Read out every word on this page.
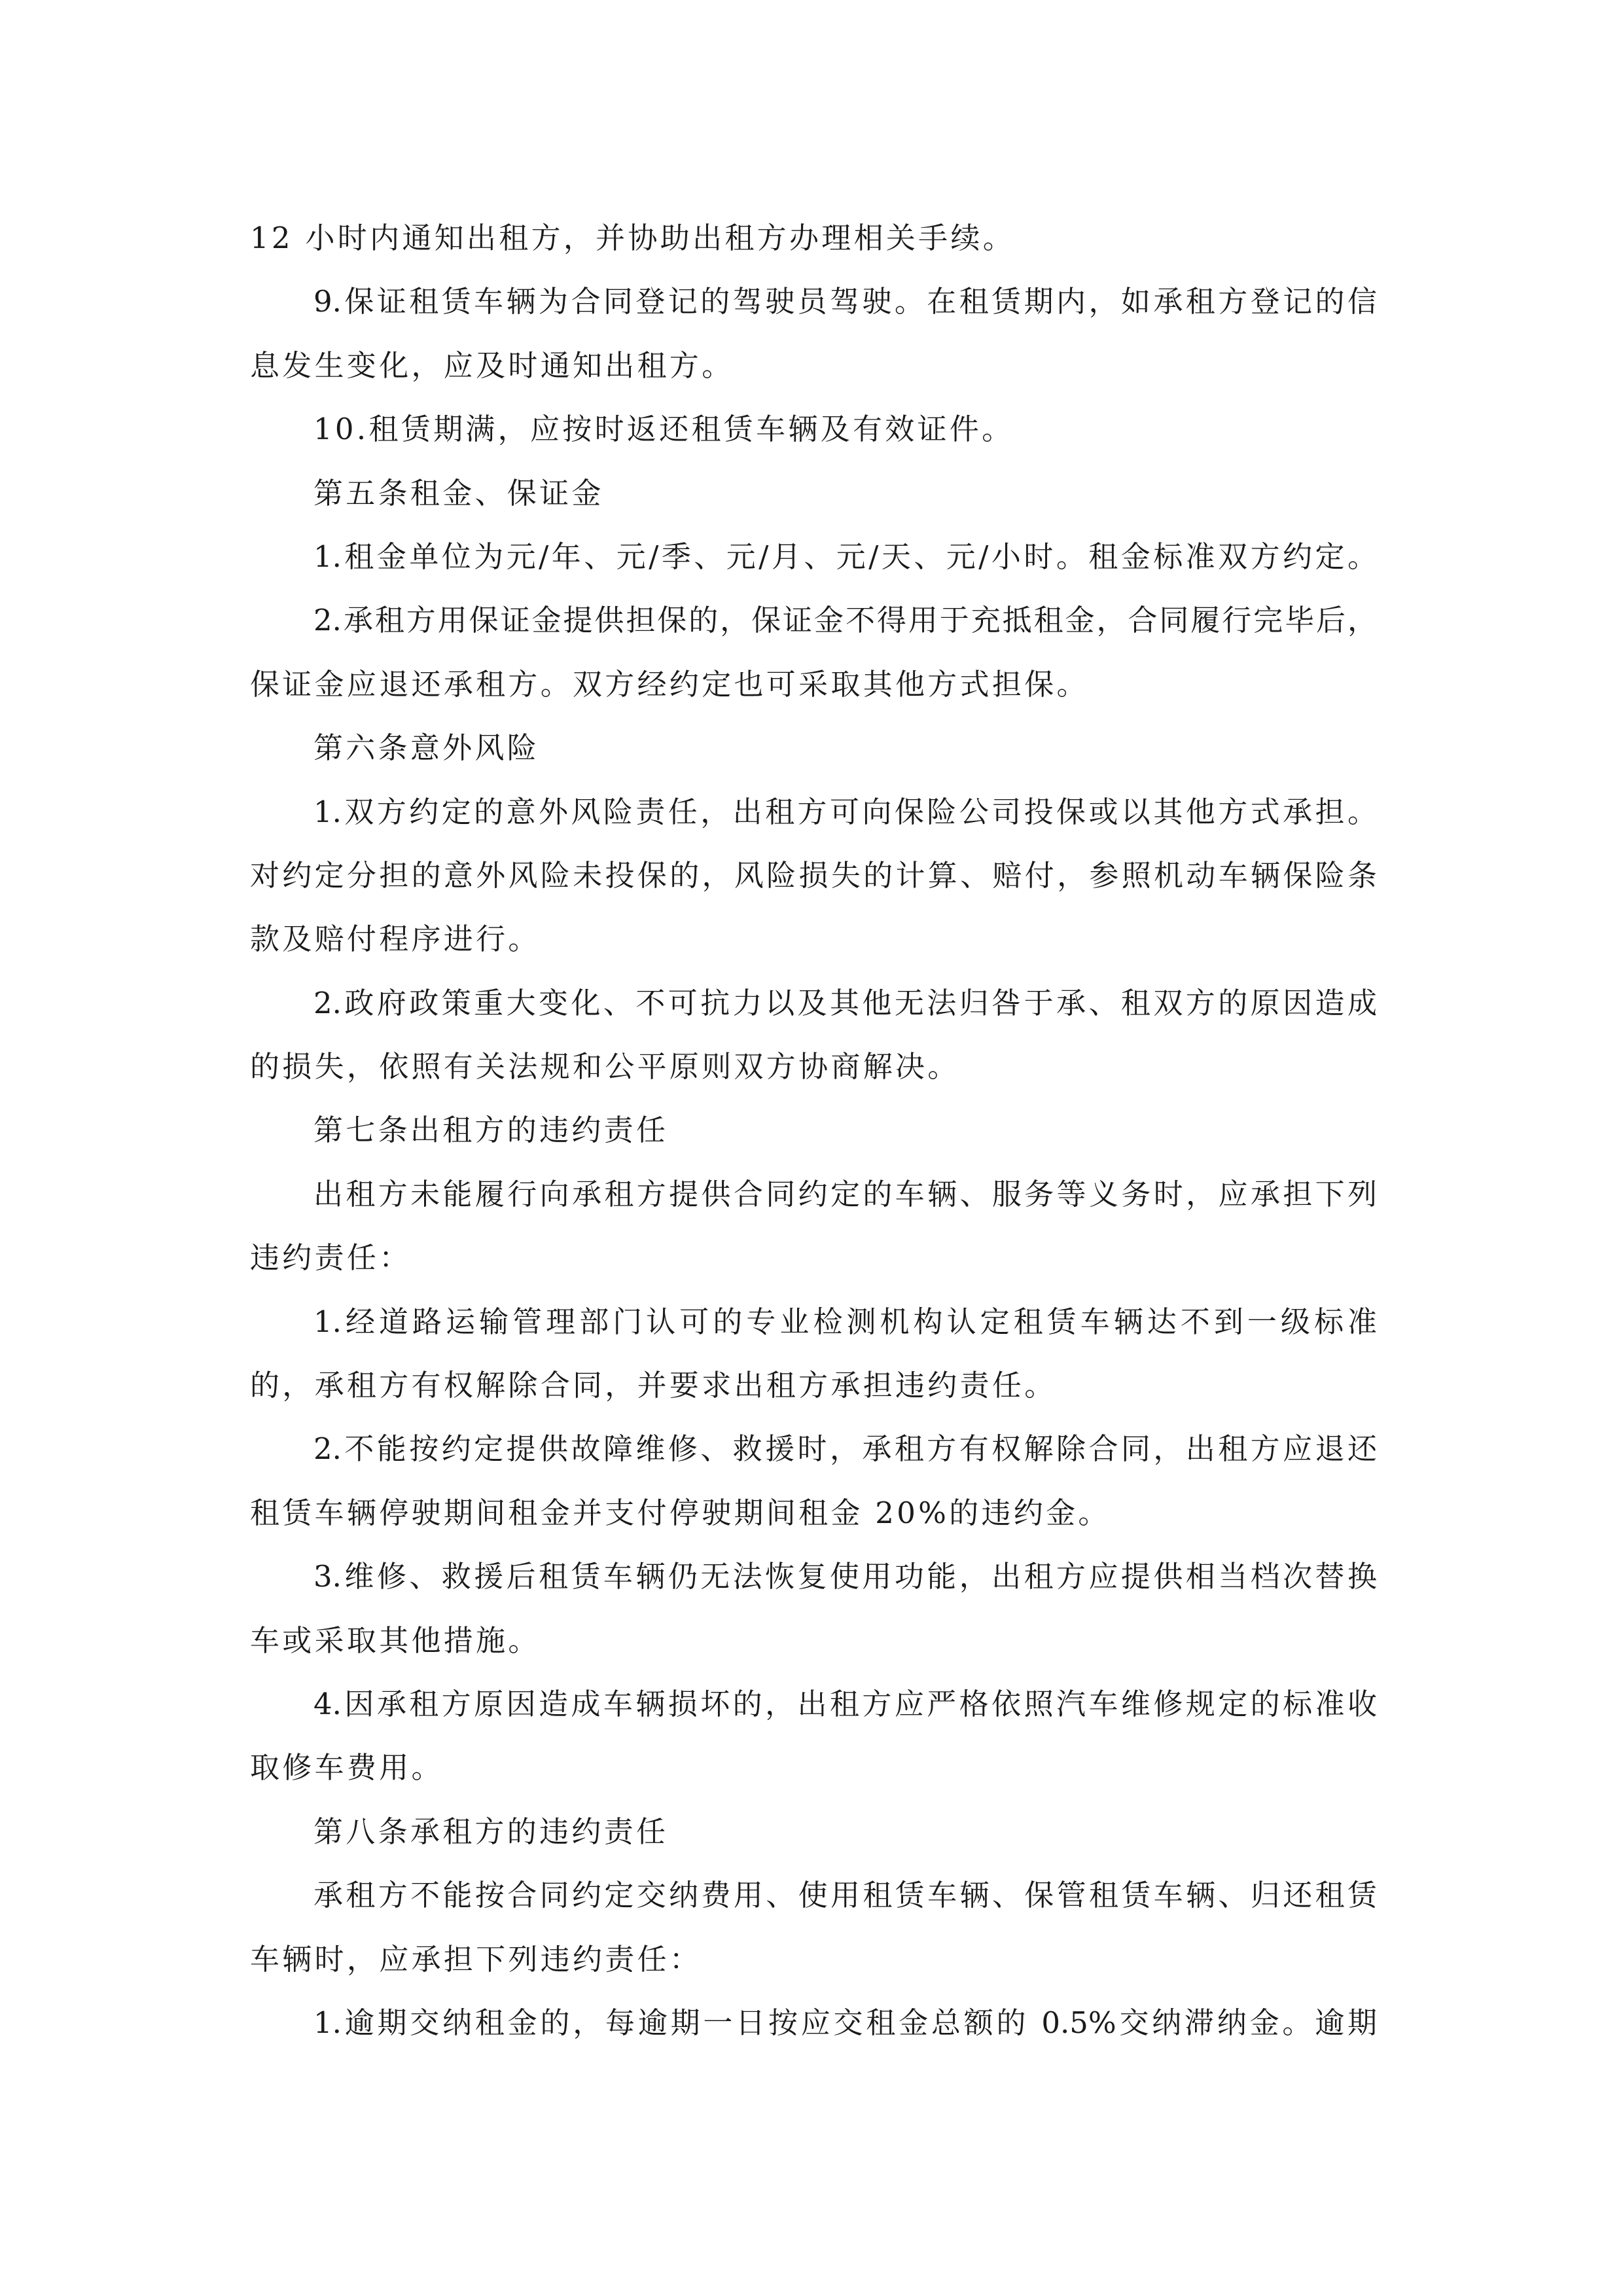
12 小时内通知出租方，并协助出租方办理相关手续。
9.保证租赁车辆为合同登记的驾驶员驾驶。在租赁期内，如承租方登记的信
息发生变化，应及时通知出租方。
10.租赁期满，应按时返还租赁车辆及有效证件。
第五条租金、保证金
1.租金单位为元/年、元/季、元/月、元/天、元/小时。租金标准双方约定。
2.承租方用保证金提供担保的，保证金不得用于充抵租金，合同履行完毕后，
保证金应退还承租方。双方经约定也可采取其他方式担保。
第六条意外风险
1.双方约定的意外风险责任，出租方可向保险公司投保或以其他方式承担。
对约定分担的意外风险未投保的，风险损失的计算、赔付，参照机动车辆保险条
款及赔付程序进行。
2.政府政策重大变化、不可抗力以及其他无法归咎于承、租双方的原因造成
的损失，依照有关法规和公平原则双方协商解决。
第七条出租方的违约责任
出租方未能履行向承租方提供合同约定的车辆、服务等义务时，应承担下列
违约责任：
1.经道路运输管理部门认可的专业检测机构认定租赁车辆达不到一级标准
的，承租方有权解除合同，并要求出租方承担违约责任。
2.不能按约定提供故障维修、救援时，承租方有权解除合同，出租方应退还
租赁车辆停驶期间租金并支付停驶期间租金 20%的违约金。
3.维修、救援后租赁车辆仍无法恢复使用功能，出租方应提供相当档次替换
车或采取其他措施。
4.因承租方原因造成车辆损坏的，出租方应严格依照汽车维修规定的标准收
取修车费用。
第八条承租方的违约责任
承租方不能按合同约定交纳费用、使用租赁车辆、保管租赁车辆、归还租赁
车辆时，应承担下列违约责任：
1.逾期交纳租金的，每逾期一日按应交租金总额的 0.5%交纳滞纳金。逾期
